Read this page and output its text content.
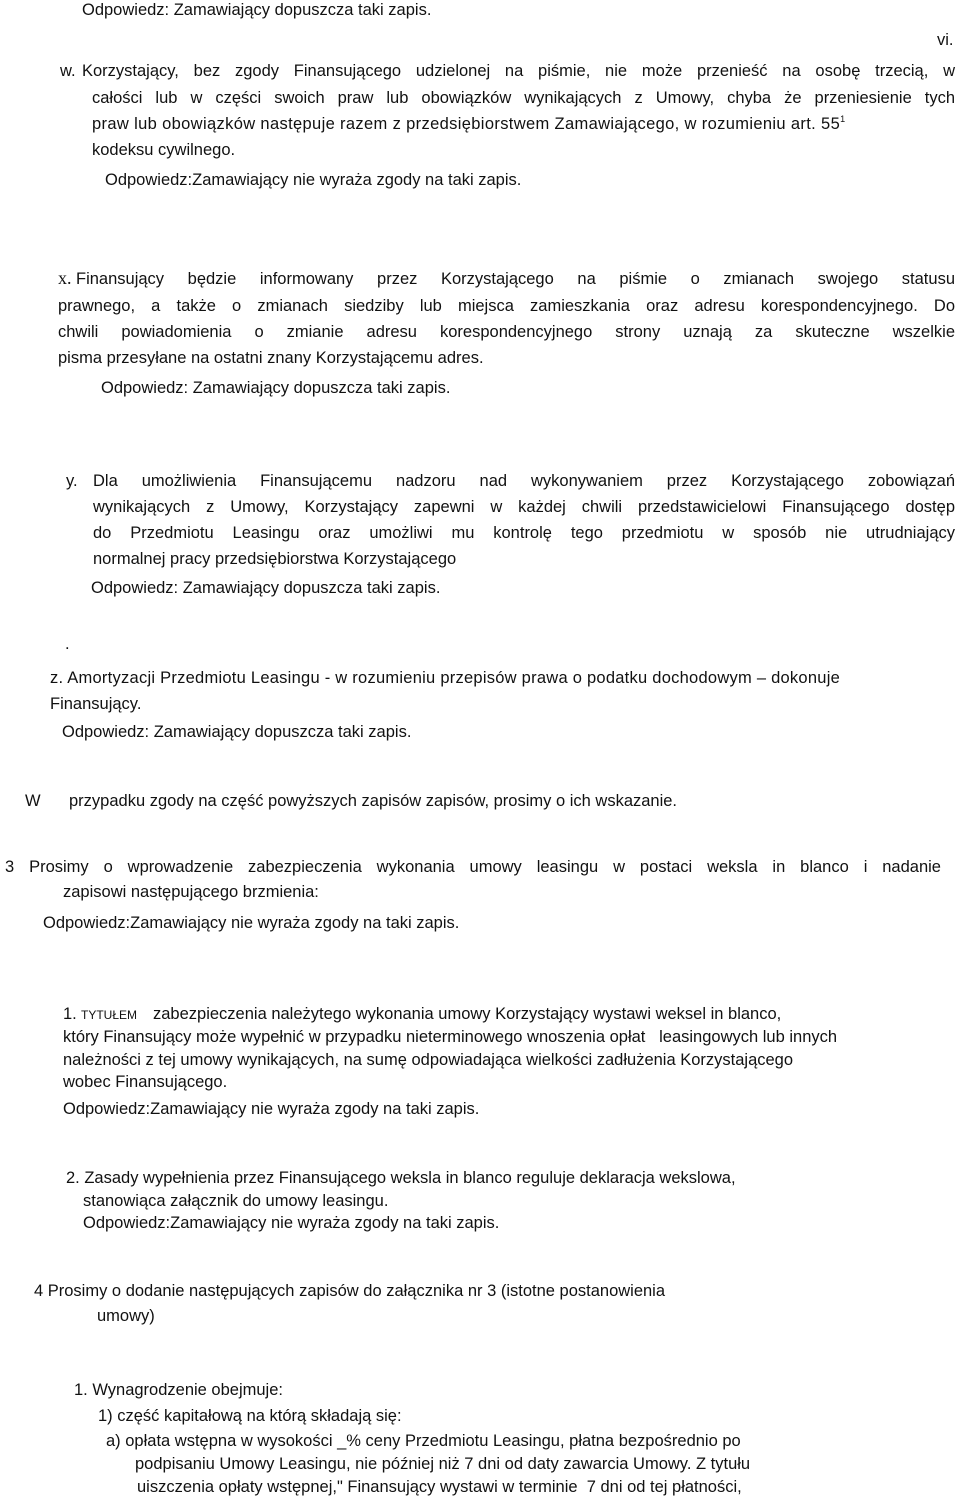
Odpowiedz: Zamawiający dopuszcza taki zapis.
vi.
w. Korzystający, bez zgody Finansującego udzielonej na piśmie, nie może przenieść na osobę trzecią, w
całości lub w części swoich praw lub obowiązków wynikających z Umowy, chyba że przeniesienie tych
praw lub obowiązków następuje razem z przedsiębiorstwem Zamawiającego, w rozumieniu art. $55^1$
kodeksu cywilnego.
Odpowiedz:Zamawiający nie wyraża zgody na taki zapis.
x. Finansujący będzie informowany przez Korzystającego na piśmie o zmianach swojego statusu
prawnego, a także o zmianach siedziby lub miejsca zamieszkania oraz adresu korespondencyjnego. Do
chwili powiadomienia o zmianie adresu korespondencyjnego strony uznają za skuteczne wszelkie
pisma przesyłane na ostatni znany Korzystającemu adres.
Odpowiedz: Zamawiający dopuszcza taki zapis.
y. Dla umożliwienia Finansującemu nadzoru nad wykonywaniem przez Korzystającego zobowiązań
wynikających z Umowy, Korzystający zapewni w każdej chwili przedstawicielowi Finansującego dostęp
do Przedmiotu Leasingu oraz umożliwi mu kontrolę tego przedmiotu w sposób nie utrudniający
normalnej pracy przedsiębiorstwa Korzystającego
Odpowiedz: Zamawiający dopuszcza taki zapis.
.
z. Amortyzacji Przedmiotu Leasingu - w rozumieniu przepisów prawa o podatku dochodowym – dokonuje
Finansujący.
Odpowiedz: Zamawiający dopuszcza taki zapis.
W przypadku zgody na część powyższych zapisów zapisów, prosimy o ich wskazanie.
3 Prosimy o wprowadzenie zabezpieczenia wykonania umowy leasingu w postaci weksla in blanco i nadanie
zapisowi następującego brzmienia:
Odpowiedz:Zamawiający nie wyraża zgody na taki zapis.
1. TYTUŁEM zabezpieczenia należytego wykonania umowy Korzystający wystawi weksel in blanco,
który Finansujący może wypełnić w przypadku nieterminowego wnoszenia opłat   leasingowych lub innych
należności z tej umowy wynikających, na sumę odpowiadająca wielkości zadłużenia Korzystającego
wobec Finansującego.
Odpowiedz:Zamawiający nie wyraża zgody na taki zapis.
2. Zasady wypełnienia przez Finansującego weksla in blanco reguluje deklaracja wekslowa,
stanowiąca załącznik do umowy leasingu.
Odpowiedz:Zamawiający nie wyraża zgody na taki zapis.
4 Prosimy o dodanie następujących zapisów do załącznika nr 3 (istotne postanowienia
umowy)
1. Wynagrodzenie obejmuje:
1) część kapitałową na którą składają się:
a) opłata wstępna w wysokości _% ceny Przedmiotu Leasingu, płatna bezpośrednio po
podpisaniu Umowy Leasingu, nie później niż 7 dni od daty zawarcia Umowy. Z tytułu
uiszczenia opłaty wstępnej," Finansujący wystawi w terminie  7 dni od tej płatności,
